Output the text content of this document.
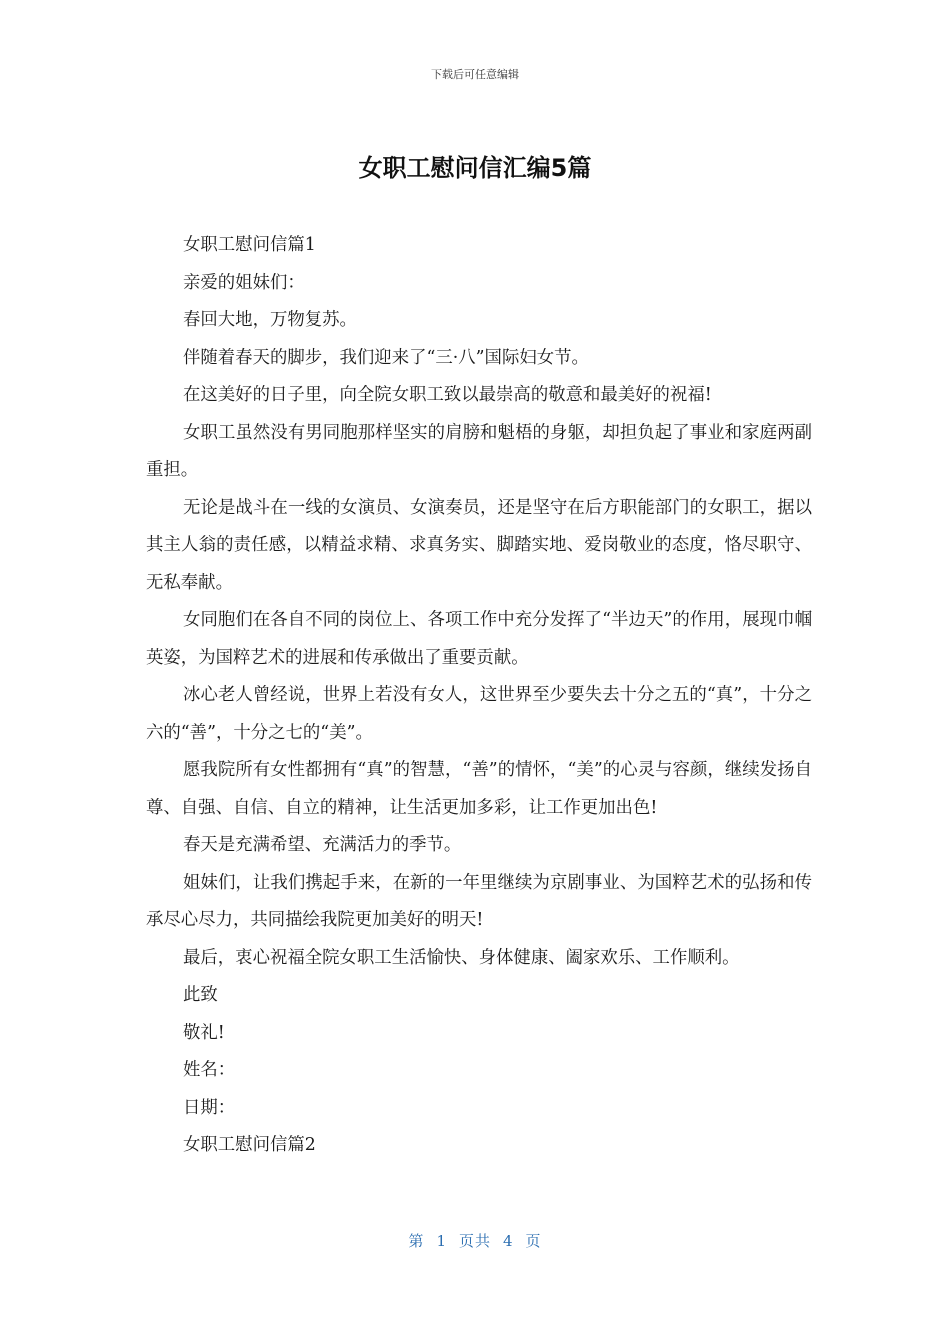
下载后可任意编辑
女职工慰问信汇编5篇

女职工慰问信篇1

亲爱的姐妹们：

春回大地，万物复苏。

伴随着春天的脚步，我们迎来了“三·八”国际妇女节。

在这美好的日子里，向全院女职工致以最崇高的敬意和最美好的祝福!

女职工虽然没有男同胞那样坚实的肩膀和魁梧的身躯，却担负起了事业和家庭两副重担。

无论是战斗在一线的女演员、女演奏员，还是坚守在后方职能部门的女职工，据以其主人翁的责任感，以精益求精、求真务实、脚踏实地、爱岗敬业的态度，恪尽职守、无私奉献。

女同胞们在各自不同的岗位上、各项工作中充分发挥了“半边天”的作用，展现巾帼英姿，为国粹艺术的进展和传承做出了重要贡献。

冰心老人曾经说，世界上若没有女人，这世界至少要失去十分之五的“真”，十分之六的“善”，十分之七的“美”。

愿我院所有女性都拥有“真”的智慧，“善”的情怀，“美”的心灵与容颜，继续发扬自尊、自强、自信、自立的精神，让生活更加多彩，让工作更加出色!

春天是充满希望、充满活力的季节。

姐妹们，让我们携起手来，在新的一年里继续为京剧事业、为国粹艺术的弘扬和传承尽心尽力，共同描绘我院更加美好的明天!

最后，衷心祝福全院女职工生活愉快、身体健康、阖家欢乐、工作顺利。

此致

敬礼!

姓名：

日期：

女职工慰问信篇2

第 1 页共 4 页
